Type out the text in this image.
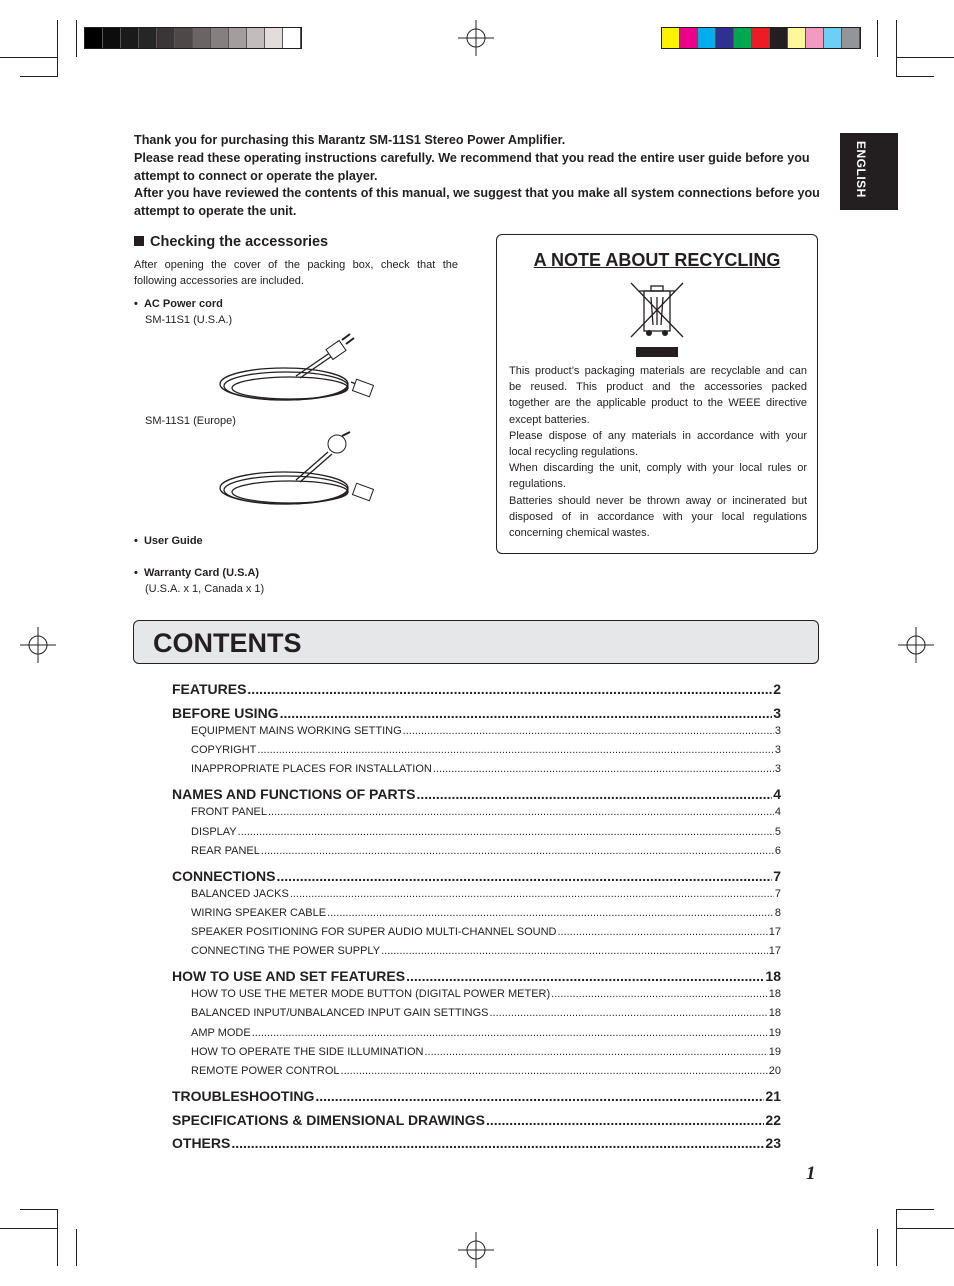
Thank you for purchasing this Marantz SM-11S1 Stereo Power Amplifier.

Please read these operating instructions carefully. We recommend that you read the entire user guide before you attempt to connect or operate the player.

After you have reviewed the contents of this manual, we suggest that you make all system connections before you attempt to operate the unit.

ENGLISH
Checking the accessories
After opening the cover of the packing box, check that the following accessories are included.
•  AC Power cord
SM-11S1 (U.S.A.)
SM-11S1 (Europe)
•  User Guide
•  Warranty Card (U.S.A)
(U.S.A. x 1, Canada x 1)
A NOTE ABOUT RECYCLING

This product’s packaging materials are recyclable and can be reused. This product and the accessories packed together are the applicable product to the WEEE directive except batteries.

Please dispose of any materials in accordance with your local recycling regulations.

When discarding the unit, comply with your local rules or regulations.

Batteries should never be thrown away or incinerated but disposed of in accordance with your local regulations concerning chemical wastes.

CONTENTS
FEATURES .....	2
BEFORE USING .....	3
EQUIPMENT MAINS WORKING SETTING .....	3
COPYRIGHT .....	3
INAPPROPRIATE PLACES FOR INSTALLATION .....	3
NAMES AND FUNCTIONS OF PARTS .....	4
FRONT PANEL .....	4
DISPLAY .....	5
REAR PANEL .....	6
CONNECTIONS .....	7
BALANCED JACKS .....	7
WIRING SPEAKER CABLE .....	8
SPEAKER POSITIONING FOR SUPER AUDIO MULTI-CHANNEL SOUND .....	17
CONNECTING THE POWER SUPPLY .....	17
HOW TO USE AND SET FEATURES .....	18
HOW TO USE THE METER MODE BUTTON (DIGITAL POWER METER) .....	18
BALANCED INPUT/UNBALANCED INPUT GAIN SETTINGS .....	18
AMP MODE .....	19
HOW TO OPERATE THE SIDE ILLUMINATION .....	19
REMOTE POWER CONTROL .....	20
TROUBLESHOOTING .....	21
SPECIFICATIONS & DIMENSIONAL DRAWINGS .....	22
OTHERS .....	23
1
